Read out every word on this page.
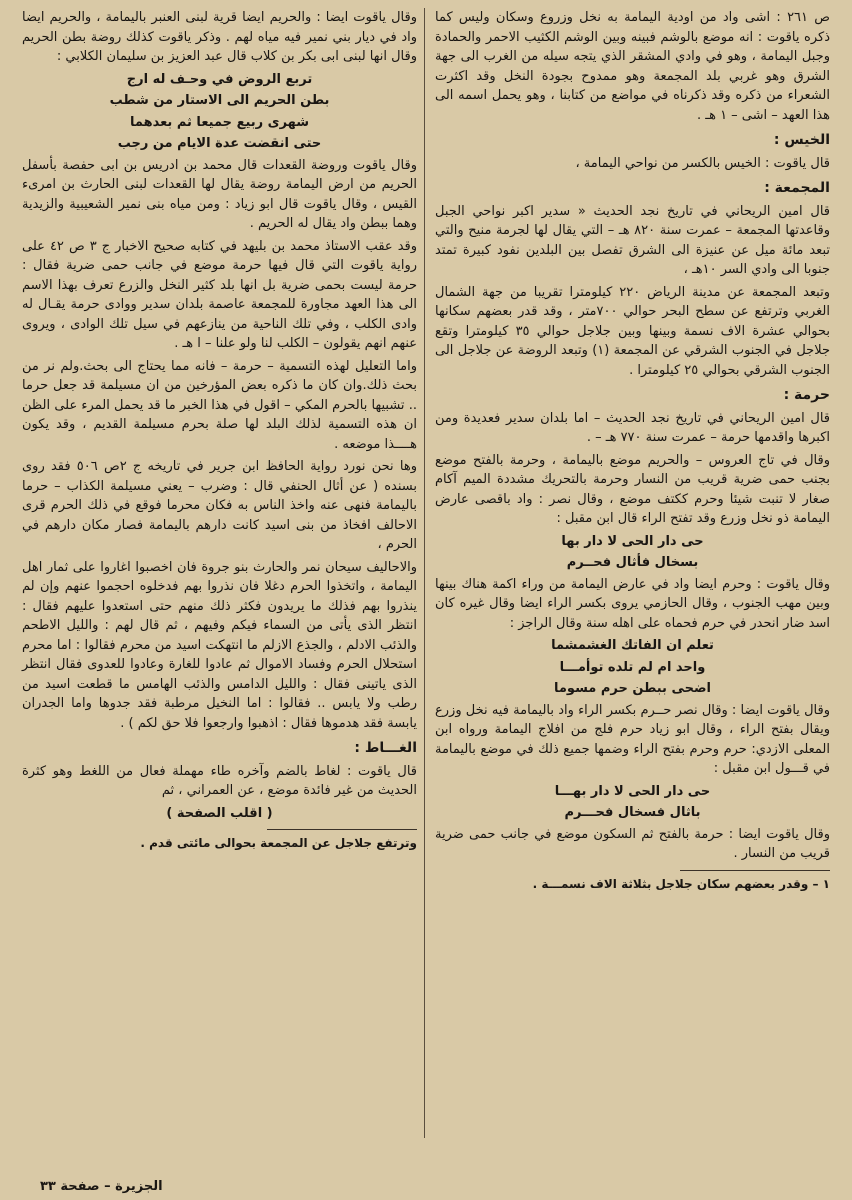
ص ٢٦١ : اشى واد من اودية اليمامة به نخل وزروع وسكان وليس كما ذكره ياقوت : انه موضع بالوشم فبينه وبين الوشم الكثيب الاحمر والحمادة وجبل اليمامة ، وهو في وادي المشقر الذي يتجه سيله من الغرب الى جهة الشرق وهو غربي بلد المجمعة وهو ممدوح بجودة النخل وقد اكثرت الشعراء من ذكره وقد ذكرناه في مواضع من كتابنا ، وهو يحمل اسمه الى هذا العهد – اشى – ١ هـ .

الخيس :

قال ياقوت : الخيس بالكسر من نواحي اليمامة ،

المجمعة :

قال امين الريحاني في تاريخ نجد الحديث « سدير اكبر نواحي الجبل وقاعدتها المجمعة – عمرت سنة ٨٢٠ هـ – التي يقال لها لجرمة منيح والتي تبعد مائة ميل عن عنيزة الى الشرق تفصل بين البلدين نفود كبيرة تمتد جنوبا الى وادي السر ١٠هـ ،

وتبعد المجمعة عن مدينة الرياض ٢٢٠ كيلومترا تقريبا من جهة الشمال الغربي وترتفع عن سطح البحر حوالي ٧٠٠متر ، وقد قدر بعضهم سكانها بحوالي عشرة الاف نسمة وبينها وبين جلاجل حوالي ٣٥ كيلومترا وتقع جلاجل في الجنوب الشرقي عن المجمعة (١) وتبعد الروضة عن جلاجل الى الجنوب الشرقي بحوالي ٢٥ كيلومترا .

حرمة :

قال امين الريحاني في تاريخ نجد الحديث – اما بلدان سدير فعديدة ومن اكبرها واقدمها حرمة – عمرت سنة ٧٧٠ هـ – .

وقال في تاج العروس – والحريم موضع باليمامة ، وحرمة بالفتح موضع بجنب حمى ضرية قريب من النسار وحرمة بالتحريك مشددة الميم آكام صغار لا تنبت شيئا وحرم ككتف موضع ، وقال نصر : واد باقصى عارض اليمامة ذو نخل وزرع وقد تفتح الراء قال ابن مقبل :

حى دار الحى لا دار بها
بسخال فأثال فحــرم

وقال ياقوت : وحرم ايضا واد في عارض اليمامة من وراء اكمة هناك بينها وبين مهب الجنوب ، وقال الحازمي يروى بكسر الراء ايضا وقال غيره كان اسد ضار انحدر في حرم فحماه على اهله سنة وقال الراجز :

تعلم ان الفاتك الغشمشما
واحد ام لم تلده توأمـــا
اضحى ببطن حرم مسوما

وقال ياقوت ايضا : وقال نصر حــرم بكسر الراء واد باليمامة فيه نخل وزرع ويقال بفتح الراء ، وقال ابو زياد حرم فلج من افلاج اليمامة ورواه ابن المعلى الازدي: حرم وحرم بفتح الراء وضمها جميع ذلك في موضع باليمامة في قـــول ابن مقبل :

حى دار الحى لا دار بهـــا
باثال فسخال فحـــرم

وقال ياقوت ايضا : حرمة بالفتح ثم السكون موضع في جانب حمى ضرية قريب من النسار .

١ – وقدر بعضهم سكان جلاجل بثلاثة الاف نسمـــة .

وقال ياقوت ايضا : والحريم ايضا قرية لبنى العنبر باليمامة ، والحريم ايضا واد في ديار بني نمير فيه مياه لهم . وذكر ياقوت كذلك روضة بطن الحريم وقال انها لبنى ابى بكر بن كلاب قال عبد العزيز بن سليمان الكلابي :

تربع الروض في وحـف له ارج
بطن الحريم الى الاستار من شطب
شهرى ربيع جميعا ثم بعدهما
حتى انقضت عدة الايام من رجب

وقال ياقوت وروضة القعدات قال محمد بن ادريس بن ابى حفصة بأسفل الحريم من ارض اليمامة روضة يقال لها القعدات لبنى الحارث بن امرىء القيس ، وقال ياقوت قال ابو زياد : ومن مياه بنى نمير الشعيبية والزيدية وهما ببطن واد يقال له الحريم .

وقد عقب الاستاذ محمد بن بليهد في كتابه صحيح الاخبار ج ٣ ص ٤٢ على رواية ياقوت التي قال فيها حرمة موضع في جانب حمى ضرية فقال : حرمة ليست بحمى ضرية بل انها بلد كثير النخل والزرع تعرف بهذا الاسم الى هذا العهد مجاورة للمجمعة عاصمة بلدان سدير ووادى حرمة يقـال له وادى الكلب ، وفي تلك الناحية من ينازعهم في سيل تلك الوادى ، ويروى عنهم انهم يقولون – الكلب لنا ولو علنا – ا هـ .

واما التعليل لهذه التسمية – حرمة – فانه مما يحتاج الى بحث.ولم نر من بحث ذلك.وان كان ما ذكره بعض المؤرخين من ان مسيلمة قد جعل حرما .. تشبيها بالحرم المكي – اقول في هذا الخبر ما قد يحمل المرء على الظن ان هذه التسمية لذلك البلد لها صلة بحرم مسيلمة القديم ، وقد يكون هــــذا موضعه .

وها نحن نورد رواية الحافظ ابن جرير في تاريخه ج ٢ص ٥٠٦ فقد روى بسنده ( عن أثال الحنفي قال : وضرب – يعني مسيلمة الكذاب – حرما باليمامة فنهى عنه واخذ الناس به فكان محرما فوقع في ذلك الحرم قرى الاحالف افخاذ من بنى اسيد كانت دارهم باليمامة فصار مكان دارهم في الحرم ،

والاحاليف سيحان نمر والحارث بنو جروة فان اخصبوا اغاروا على ثمار اهل اليمامة ، واتخذوا الحرم دغلا فان نذروا بهم فدخلوه احجموا عنهم وإن لم ينذروا بهم فذلك ما يريدون فكثر ذلك منهم حتى استعدوا عليهم فقال : انتظر الذى يأتى من السماء فيكم وفيهم ، ثم قال لهم : والليل الاطحم والذئب الادلم ، والجذع الازلم ما انتهكت اسيد من محرم فقالوا : اما محرم استحلال الحرم وفساد الاموال ثم عادوا للغارة وعادوا للعدوى فقال انتظر الذى ياتينى فقال : والليل الدامس والذئب الهامس ما قطعت اسيد من رطب ولا يابس .. فقالوا : اما النخيل مرطبة فقد جدوها واما الجدران يابسة فقد هدموها فقال : اذهبوا وارجعوا فلا حق لكم ) .

الغـــاط :

قال ياقوت : لغاط بالضم وآخره طاء مهملة فعال من اللغط وهو كثرة الحديث من غير فائدة موضع ، عن العمراني ، ثم

( اقلب الصفحة )

وترتفع جلاجل عن المجمعة بحوالى مائتى قدم .

الجزيرة – صفحة ٣٣
